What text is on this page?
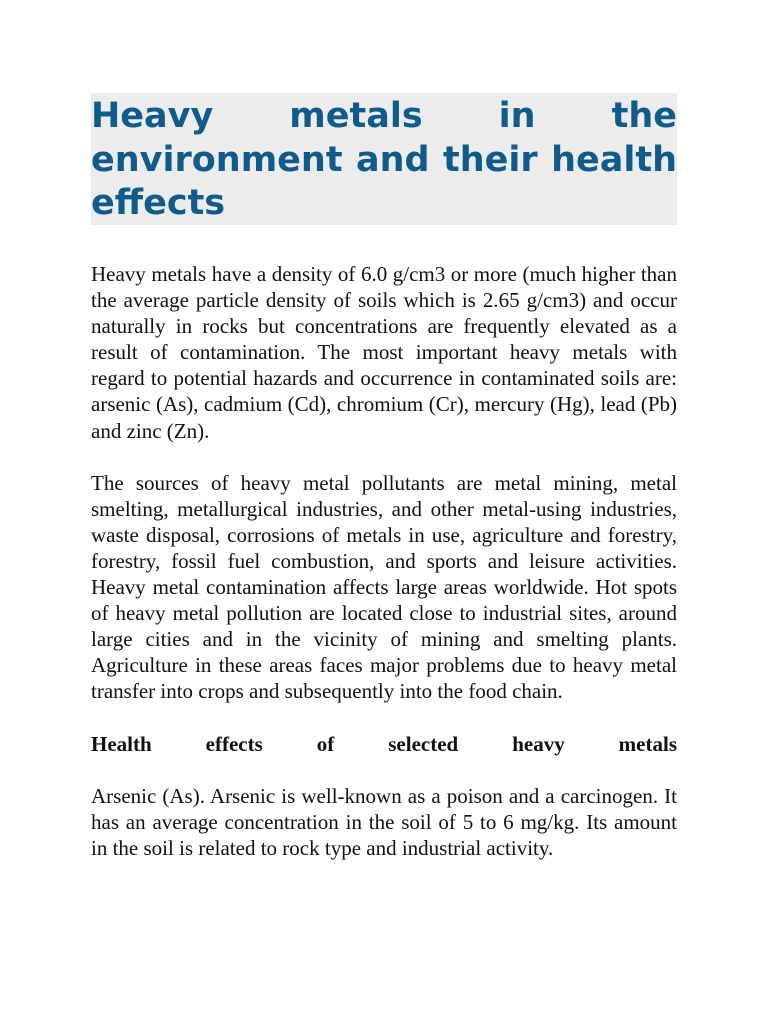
Heavy metals in the environment and their health effects

Heavy metals have a density of 6.0 g/cm3 or more (much higher than the average particle density of soils which is 2.65 g/cm3) and occur naturally in rocks but concentrations are frequently elevated as a result of contamination. The most important heavy metals with regard to potential hazards and occurrence in contaminated soils are: arsenic (As), cadmium (Cd), chromium (Cr), mercury (Hg), lead (Pb) and zinc (Zn).

The sources of heavy metal pollutants are metal mining, metal smelting, metallurgical industries, and other metal-using industries, waste disposal, corrosions of metals in use, agriculture and forestry, forestry, fossil fuel combustion, and sports and leisure activities. Heavy metal contamination affects large areas worldwide. Hot spots of heavy metal pollution are located close to industrial sites, around large cities and in the vicinity of mining and smelting plants. Agriculture in these areas faces major problems due to heavy metal transfer into crops and subsequently into the food chain.

Health effects of selected heavy metals

Arsenic (As). Arsenic is well-known as a poison and a carcinogen. It has an average concentration in the soil of 5 to 6 mg/kg. Its amount in the soil is related to rock type and industrial activity.
